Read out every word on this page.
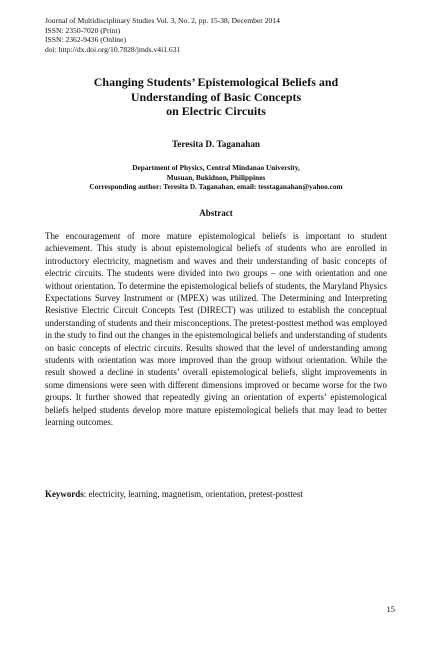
Journal of Multidisciplinary Studies Vol. 3, No. 2, pp. 15-38, December 2014
ISSN: 2350-7020 (Print)
ISSN: 2362-9436 (Online)
doi: http://dx.doi.org/10.7828/jmds.v4i1.631
Changing Students’ Epistemological Beliefs and
Understanding of Basic Concepts
on Electric Circuits
Teresita D. Taganahan
Department of Physics, Central Mindanao University,
Musuan, Bukidnon, Philippines
Corresponding author: Teresita D. Taganahan, email: tesstaganahan@yahoo.com
Abstract

The encouragement of more mature epistemological beliefs is important to student achievement. This study is about epistemological beliefs of students who are enrolled in introductory electricity, magnetism and waves and their understanding of basic concepts of electric circuits. The students were divided into two groups – one with orientation and one without orientation. To determine the epistemological beliefs of students, the Maryland Physics Expectations Survey Instrument or (MPEX) was utilized. The Determining and Interpreting Resistive Electric Circuit Concepts Test (DIRECT) was utilized to establish the conceptual understanding of students and their misconceptions. The pretest-posttest method was employed in the study to find out the changes in the epistemological beliefs and understanding of students on basic concepts of electric circuits. Results showed that the level of understanding among students with orientation was more improved than the group without orientation. While the result showed a decline in students’ overall epistemological beliefs, slight improvements in some dimensions were seen with different dimensions improved or became worse for the two groups. It further showed that repeatedly giving an orientation of experts’ epistemological beliefs helped students develop more mature epistemological beliefs that may lead to better learning outcomes.

Keywords: electricity, learning, magnetism, orientation, pretest-posttest
15
